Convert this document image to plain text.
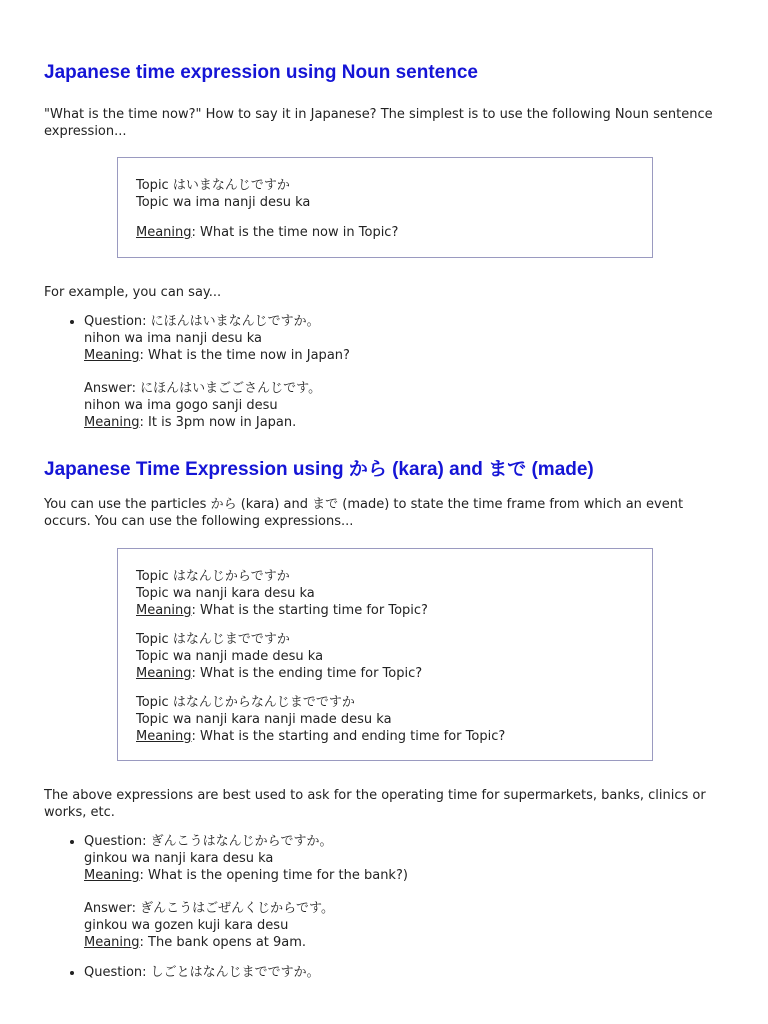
Japanese time expression using Noun sentence

"What is the time now?" How to say it in Japanese? The simplest is to use the following Noun sentence expression...

Topic はいまなんじですか
Topic wa ima nanji desu ka
Meaning: What is the time now in Topic?

For example, you can say...

• Question: にほんはいまなんじですか。
nihon wa ima nanji desu ka
Meaning: What is the time now in Japan?
Answer: にほんはいまごごさんじです。
nihon wa ima gogo sanji desu
Meaning: It is 3pm now in Japan.
Japanese Time Expression using から (kara) and まで (made)

You can use the particles から (kara) and まで (made) to state the time frame from which an event occurs. You can use the following expressions...

Topic はなんじからですか
Topic wa nanji kara desu ka
Meaning: What is the starting time for Topic?
Topic はなんじまでですか
Topic wa nanji made desu ka
Meaning: What is the ending time for Topic?
Topic はなんじからなんじまでですか
Topic wa nanji kara nanji made desu ka
Meaning: What is the starting and ending time for Topic?

The above expressions are best used to ask for the operating time for supermarkets, banks, clinics or works, etc.

• Question: ぎんこうはなんじからですか。
ginkou wa nanji kara desu ka
Meaning: What is the opening time for the bank?)
Answer: ぎんこうはごぜんくじからです。
ginkou wa gozen kuji kara desu
Meaning: The bank opens at 9am.
• Question: しごとはなんじまでですか。
